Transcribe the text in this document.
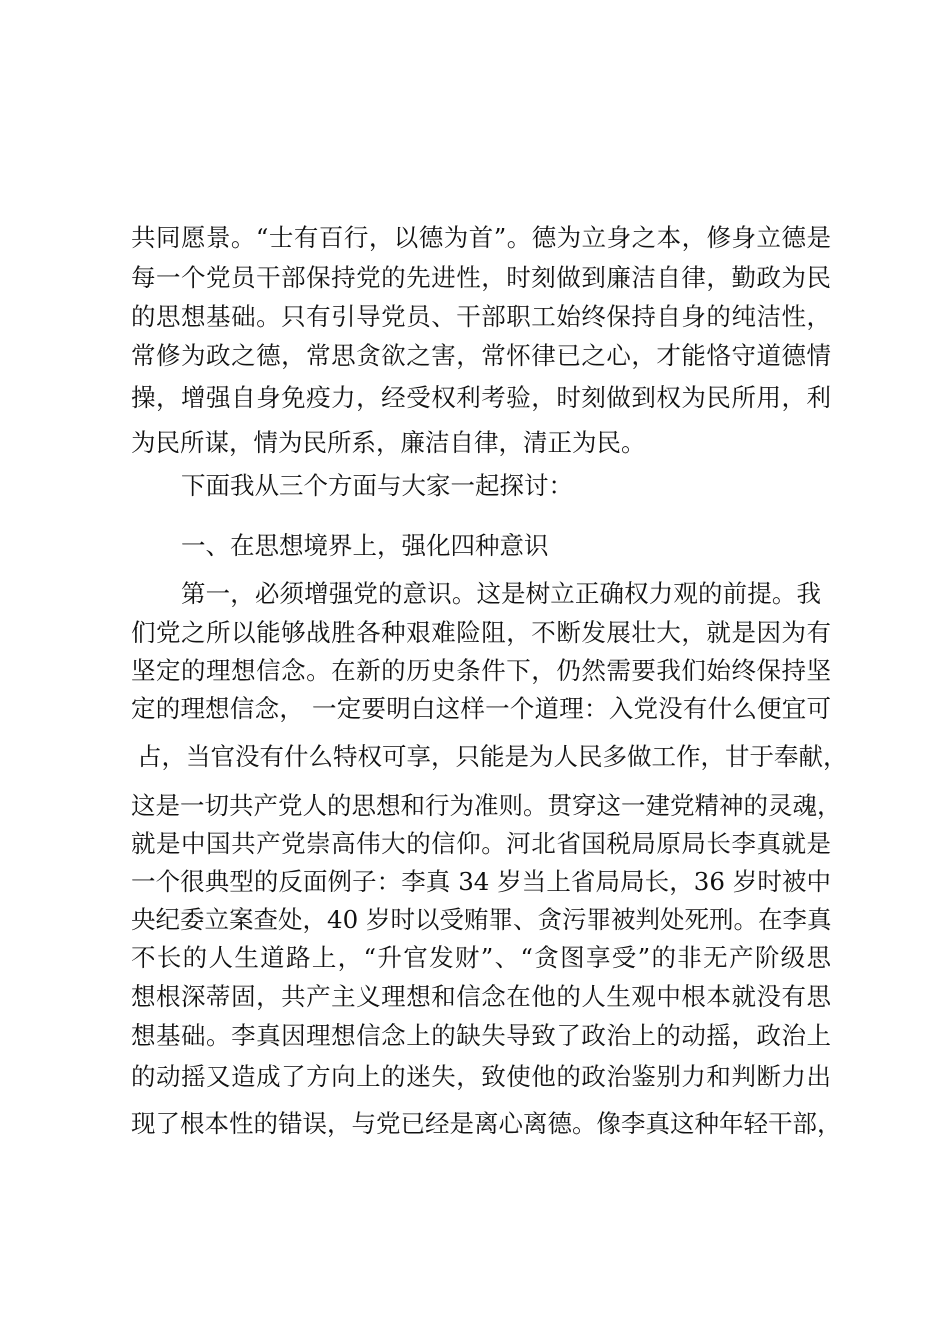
共同愿景。“士有百行，以德为首”。德为立身之本，修身立德是
每一个党员干部保持党的先进性，时刻做到廉洁自律，勤政为民
的思想基础。只有引导党员、干部职工始终保持自身的纯洁性，
常修为政之德，常思贪欲之害，常怀律已之心，才能恪守道德情
操，增强自身免疫力，经受权利考验，时刻做到权为民所用，利
为民所谋，情为民所系，廉洁自律，清正为民。
下面我从三个方面与大家一起探讨：
一、在思想境界上，强化四种意识
第一，必须增强党的意识。这是树立正确权力观的前提。我
们党之所以能够战胜各种艰难险阻，不断发展壮大，就是因为有
坚定的理想信念。在新的历史条件下，仍然需要我们始终保持坚
定的理想信念， 一定要明白这样一个道理：入党没有什么便宜可
占，当官没有什么特权可享，只能是为人民多做工作，甘于奉献，
这是一切共产党人的思想和行为准则。贯穿这一建党精神的灵魂，
就是中国共产党崇高伟大的信仰。河北省国税局原局长李真就是
一个很典型的反面例子：李真 34 岁当上省局局长，36 岁时被中
央纪委立案查处，40 岁时以受贿罪、贪污罪被判处死刑。在李真
不长的人生道路上，“升官发财”、“贪图享受”的非无产阶级思
想根深蒂固，共产主义理想和信念在他的人生观中根本就没有思
想基础。李真因理想信念上的缺失导致了政治上的动摇，政治上
的动摇又造成了方向上的迷失，致使他的政治鉴别力和判断力出
现了根本性的错误，与党已经是离心离德。像李真这种年轻干部，
